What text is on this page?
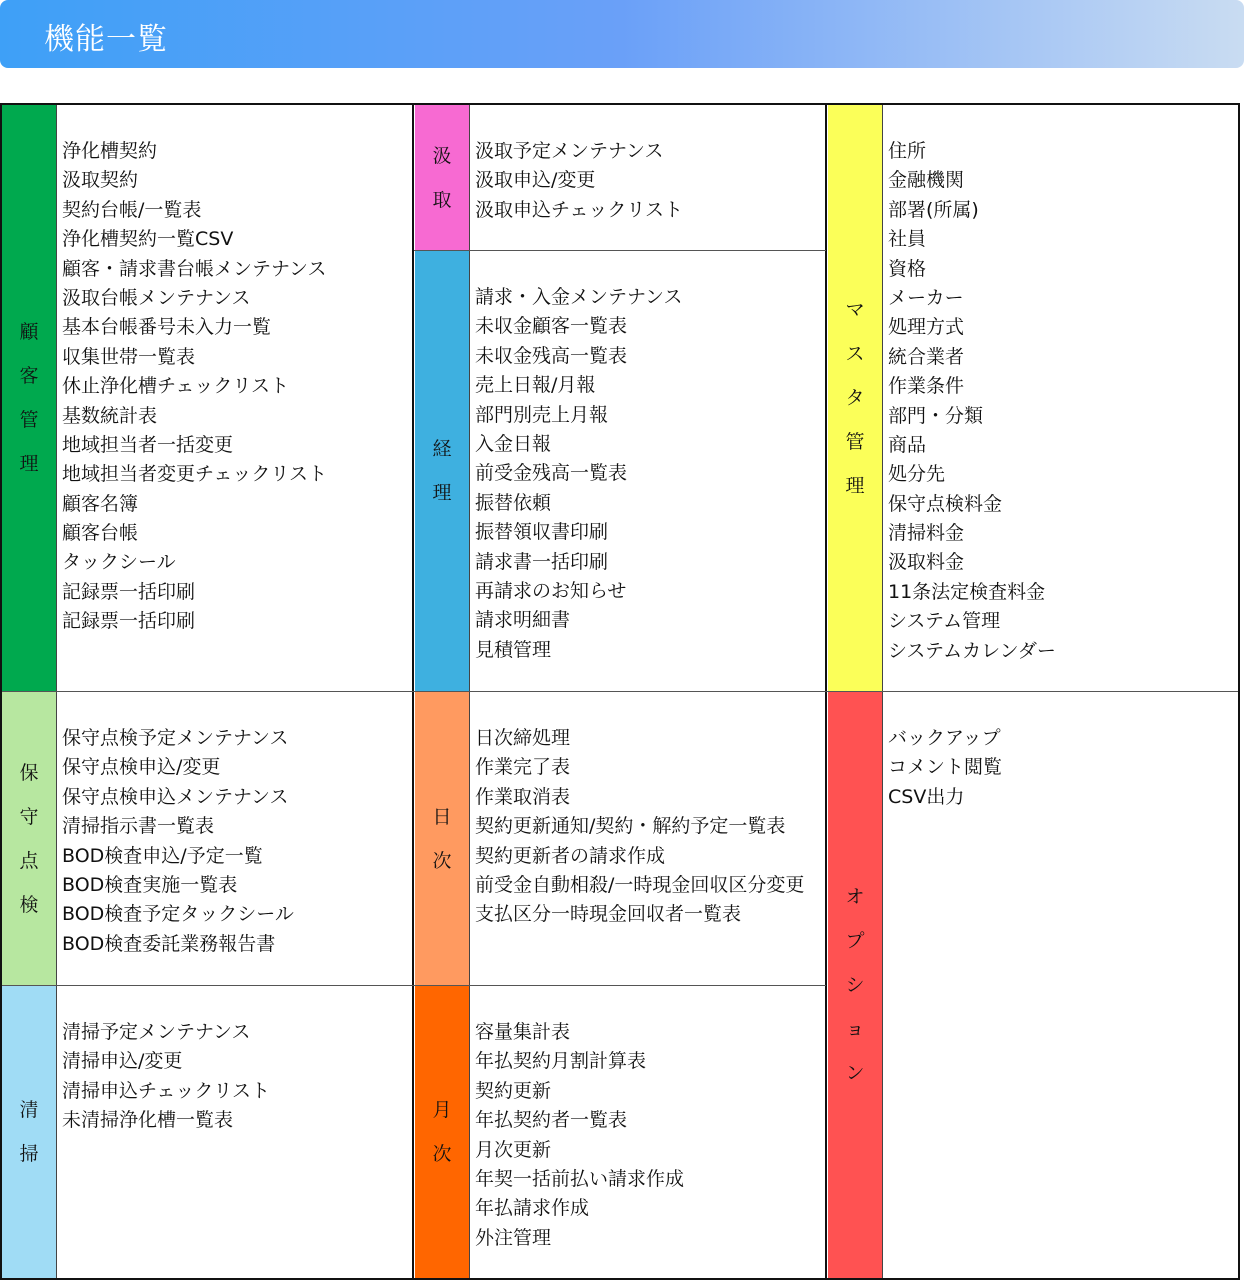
機能一覧
顧
客
管
理
浄化槽契約
汲取契約
契約台帳/一覧表
浄化槽契約一覧CSV
顧客・請求書台帳メンテナンス
汲取台帳メンテナンス
基本台帳番号未入力一覧
収集世帯一覧表
休止浄化槽チェックリスト
基数統計表
地域担当者一括変更
地域担当者変更チェックリスト
顧客名簿
顧客台帳
タックシール
記録票一括印刷
記録票一括印刷
保
守
点
検
保守点検予定メンテナンス
保守点検申込/変更
保守点検申込メンテナンス
清掃指示書一覧表
BOD検査申込/予定一覧
BOD検査実施一覧表
BOD検査予定タックシール
BOD検査委託業務報告書
清
掃
清掃予定メンテナンス
清掃申込/変更
清掃申込チェックリスト
未清掃浄化槽一覧表
汲
取
汲取予定メンテナンス
汲取申込/変更
汲取申込チェックリスト
経
理
請求・入金メンテナンス
未収金顧客一覧表
未収金残高一覧表
売上日報/月報
部門別売上月報
入金日報
前受金残高一覧表
振替依頼
振替領収書印刷
請求書一括印刷
再請求のお知らせ
請求明細書
見積管理
日
次
日次締処理
作業完了表
作業取消表
契約更新通知/契約・解約予定一覧表
契約更新者の請求作成
前受金自動相殺/一時現金回収区分変更
支払区分一時現金回収者一覧表
月
次
容量集計表
年払契約月割計算表
契約更新
年払契約者一覧表
月次更新
年契一括前払い請求作成
年払請求作成
外注管理
マ
ス
タ
管
理
住所
金融機関
部署(所属)
社員
資格
メーカー
処理方式
統合業者
作業条件
部門・分類
商品
処分先
保守点検料金
清掃料金
汲取料金
11条法定検査料金
システム管理
システムカレンダー
オ
プ
シ
ョ
ン
バックアップ
コメント閲覧
CSV出力
